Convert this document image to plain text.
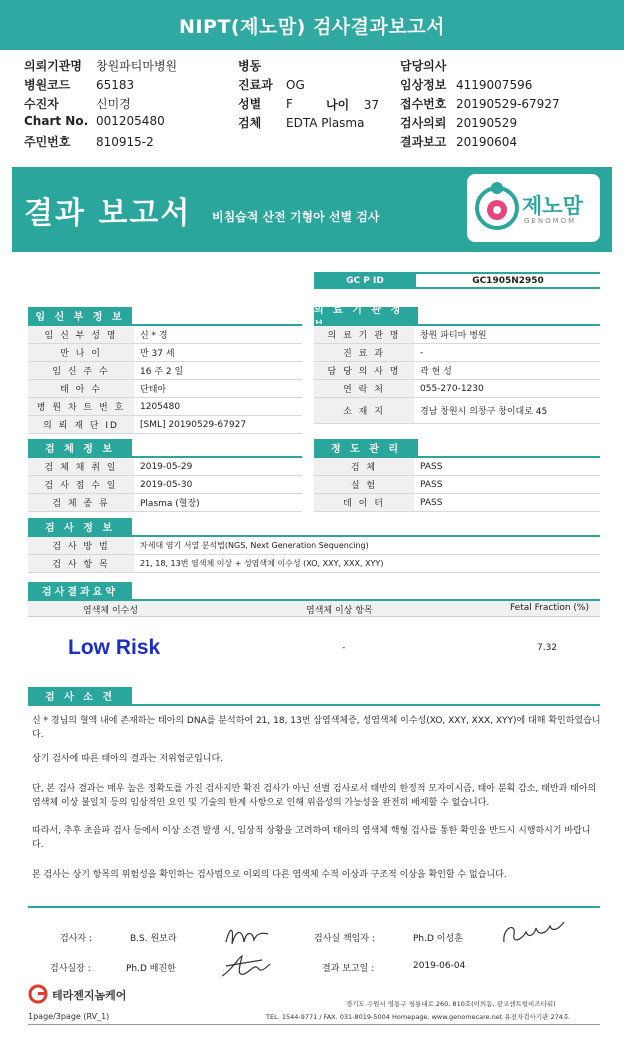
NIPT(제노맘) 검사결과보고서
의뢰기관명 창원파티마병원
병원코드 65183
수진자	신미경
Chart No. 001205480
주민번호 810915-2
병동
진료과 OG
성별 F
검체 EDTA Plasma
담당의사
임상정보 4119007596
접수번호 20190529-67927
검사의뢰 20190529
결과보고 20190604
나이 37
결과 보고서 비침습적 산전 기형아 선별 검사	제노맘
GENOMOM
GC P ID	GC1905N2950
임 신 부 정 보
임 신 부 성 명	신 * 경
만 나 이	만 37 세
임 신 주 수	16 주 2 일
태 아 수	단태아
병 원 차 트 번 호	1205480
의 뢰 재 단 ID	[SML] 20190529-67927
의 료 기 관 정
의 료 기 관 명	창원 파티마 병원
진 료 과	-
담 당 의 사 명	곽 현 성
연 락 처	055-270-1230
소 재 지	경남 창원시 의창구 창이대로 45
검 체 정 보
검 체 채 취 일	2019-05-29
검 사 접 수 일	2019-05-30
검 체 종 류	Plasma (혈장)
정 도 관 리
검 체	PASS
실 험	PASS
데 이 터	PASS
검 사 정 보
검 사 방 법	차세대 염기 서열 분석법(NGS, Next Generation Sequencing)
검 사 항 목	21, 18, 13번 염색체 이상 + 성염색체 이수성 (XO, XXY, XXX, XYY)
검사결과요약
염색체 이수성	염색체 이상 항목	Fetal Fraction (%)
Low Risk	-	7.32
검 사 소 견
신 * 경님의 혈액 내에 존재하는 태아의 DNA를 분석하여 21, 18, 13번 삼염색체증, 성염색체 이수성(XO, XXY, XXX, XYY)에 대해 확인하였습니다.
상기 검사에 따른 태아의 결과는 저위험군입니다.
단, 본 검사 결과는 매우 높은 정확도를 가진 검사지만 확진 검사가 아닌 선별 검사로서 태반의 한정적 모자이시즘, 태아 분획 감소, 태반과 태아의 염색체 이상 불일치 등의 임상적인 요인 및 기술의 한계 사항으로 인해 위음성의 가능성을 완전히 배제할 수 없습니다.
따라서, 추후 초음파 검사 등에서 이상 소견 발생 시, 임상적 상황을 고려하여 태아의 염색체 핵형 검사를 통한 확인을 반드시 시행하시기 바랍니다.
본 검사는 상기 항목의 위험성을 확인하는 검사법으로 이외의 다른 염색체 수적 이상과 구조적 이상을 확인할 수 없습니다.
검사자 :	B.S. 원보라	검사실 책임자 :	Ph.D 이성훈
검사실장 :	Ph.D 배진한	결과 보고일 :	2019-06-04
테라젠지놈케어
경기도 수원시 영통구 청룡대로 260, 810호(이의동, 광교센트럴비즈타워)
TEL. 1544-9771 / FAX. 031-8019-5004 Homepage. www.genomecare.net 유전자검사기관 274호
1page/3page (RV_1)
